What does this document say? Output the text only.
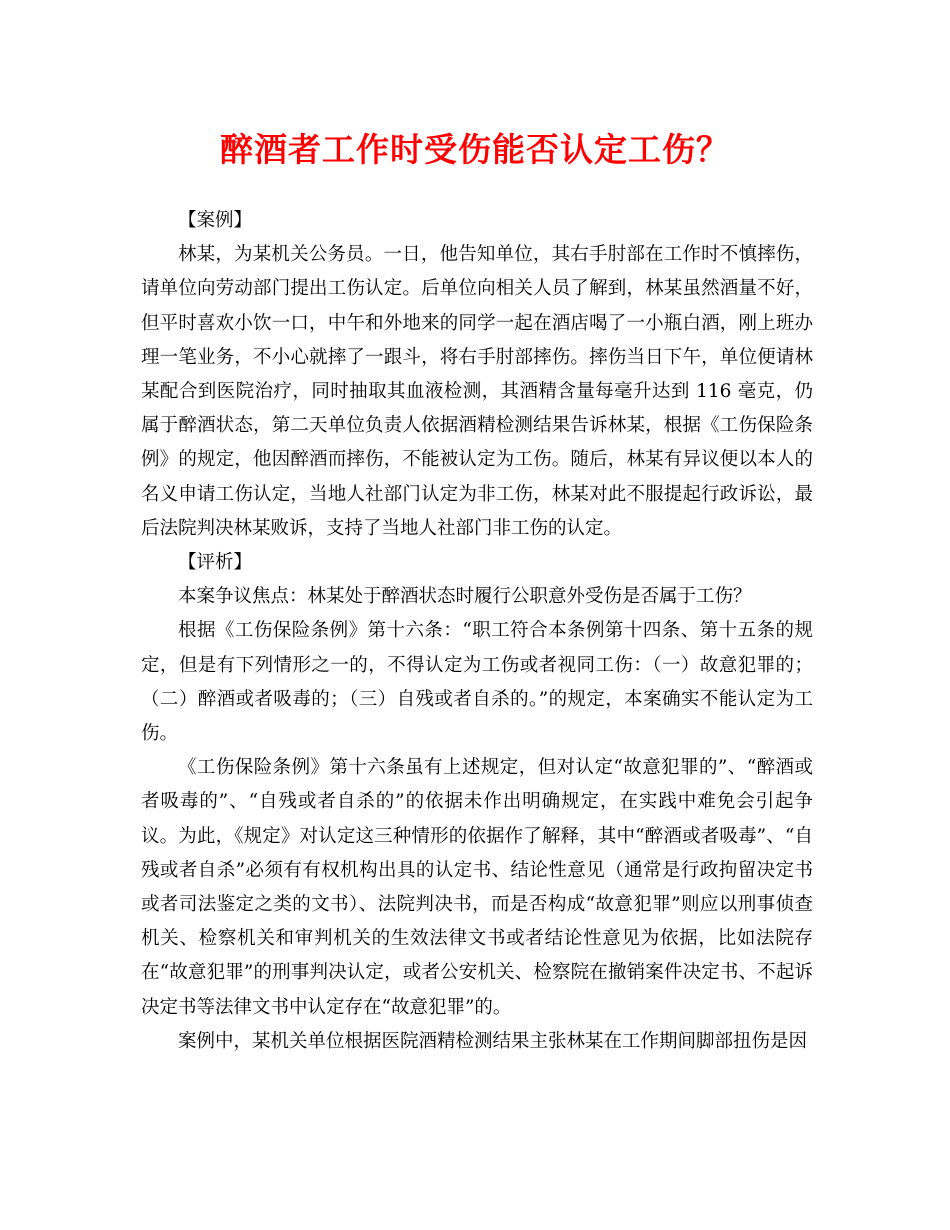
醉酒者工作时受伤能否认定工伤？

【案例】

林某，为某机关公务员。一日，他告知单位，其右手肘部在工作时不慎摔伤，请单位向劳动部门提出工伤认定。后单位向相关人员了解到，林某虽然酒量不好，但平时喜欢小饮一口，中午和外地来的同学一起在酒店喝了一小瓶白酒，刚上班办理一笔业务，不小心就摔了一跟斗，将右手肘部摔伤。摔伤当日下午，单位便请林某配合到医院治疗，同时抽取其血液检测，其酒精含量每毫升达到 116 毫克，仍属于醉酒状态，第二天单位负责人依据酒精检测结果告诉林某，根据《工伤保险条例》的规定，他因醉酒而摔伤，不能被认定为工伤。随后，林某有异议便以本人的名义申请工伤认定，当地人社部门认定为非工伤，林某对此不服提起行政诉讼，最后法院判决林某败诉，支持了当地人社部门非工伤的认定。

【评析】

本案争议焦点：林某处于醉酒状态时履行公职意外受伤是否属于工伤？

根据《工伤保险条例》第十六条：“职工符合本条例第十四条、第十五条的规定，但是有下列情形之一的，不得认定为工伤或者视同工伤：（一）故意犯罪的；（二）醉酒或者吸毒的；（三）自残或者自杀的。”的规定，本案确实不能认定为工伤。

《工伤保险条例》第十六条虽有上述规定，但对认定“故意犯罪的”、“醉酒或者吸毒的”、“自残或者自杀的”的依据未作出明确规定，在实践中难免会引起争议。为此，《规定》对认定这三种情形的依据作了解释，其中“醉酒或者吸毒”、“自残或者自杀”必须有有权机构出具的认定书、结论性意见（通常是行政拘留决定书或者司法鉴定之类的文书）、法院判决书，而是否构成“故意犯罪”则应以刑事侦查机关、检察机关和审判机关的生效法律文书或者结论性意见为依据，比如法院存在“故意犯罪”的刑事判决认定，或者公安机关、检察院在撤销案件决定书、不起诉决定书等法律文书中认定存在“故意犯罪”的。

案例中，某机关单位根据医院酒精检测结果主张林某在工作期间脚部扭伤是因
